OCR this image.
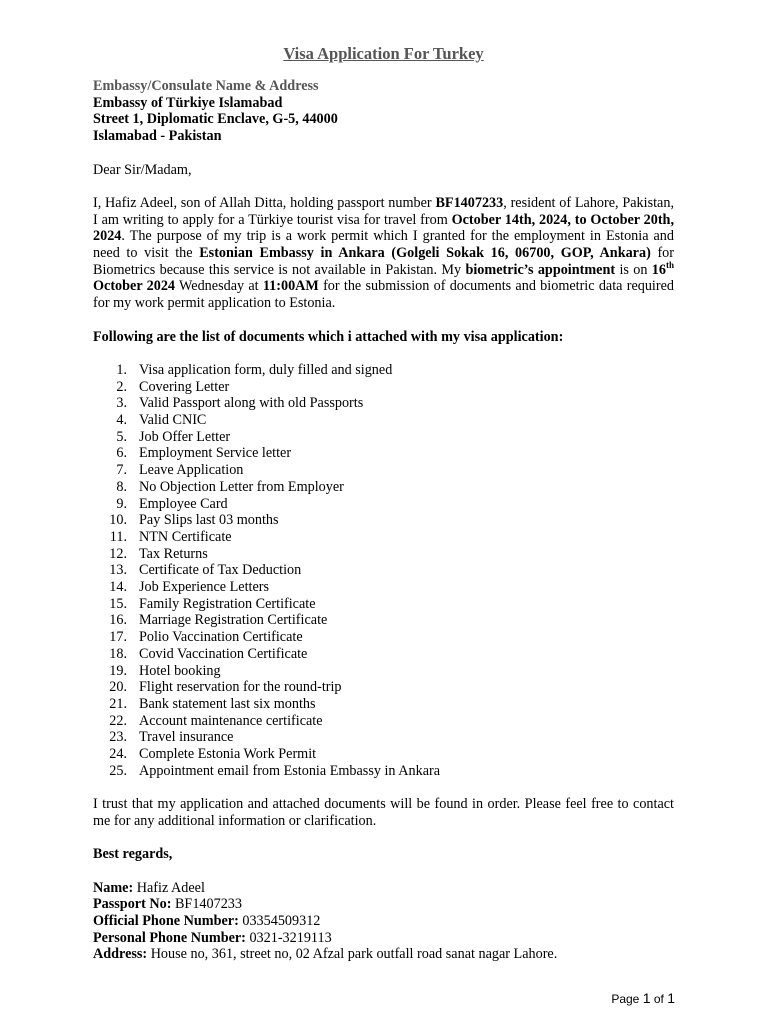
Visa Application For Turkey
Embassy/Consulate Name & Address
Embassy of Türkiye Islamabad
Street 1, Diplomatic Enclave, G-5, 44000
Islamabad - Pakistan
Dear Sir/Madam,

I, Hafiz Adeel, son of Allah Ditta, holding passport number BF1407233, resident of Lahore, Pakistan, I am writing to apply for a Türkiye tourist visa for travel from October 14th, 2024, to October 20th, 2024. The purpose of my trip is a work permit which I granted for the employment in Estonia and need to visit the Estonian Embassy in Ankara (Golgeli Sokak 16, 06700, GOP, Ankara) for Biometrics because this service is not available in Pakistan. My biometric’s appointment is on 16th October 2024 Wednesday at 11:00AM for the submission of documents and biometric data required for my work permit application to Estonia.

Following are the list of documents which i attached with my visa application:
1. Visa application form, duly filled and signed
2. Covering Letter
3. Valid Passport along with old Passports
4. Valid CNIC
5. Job Offer Letter
6. Employment Service letter
7. Leave Application
8. No Objection Letter from Employer
9. Employee Card
10. Pay Slips last 03 months
11. NTN Certificate
12. Tax Returns
13. Certificate of Tax Deduction
14. Job Experience Letters
15. Family Registration Certificate
16. Marriage Registration Certificate
17. Polio Vaccination Certificate
18. Covid Vaccination Certificate
19. Hotel booking
20. Flight reservation for the round-trip
21. Bank statement last six months
22. Account maintenance certificate
23. Travel insurance
24. Complete Estonia Work Permit
25. Appointment email from Estonia Embassy in Ankara

I trust that my application and attached documents will be found in order. Please feel free to contact me for any additional information or clarification.

Best regards,
Name: Hafiz Adeel
Passport No: BF1407233
Official Phone Number: 03354509312
Personal Phone Number: 0321-3219113
Address: House no, 361, street no, 02 Afzal park outfall road sanat nagar Lahore.
Page 1 of 1
